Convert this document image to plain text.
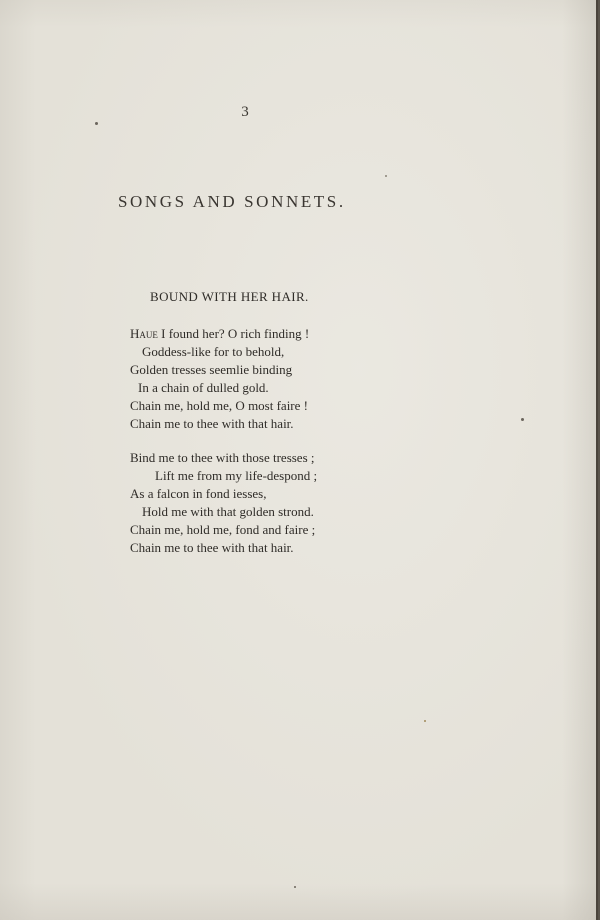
3
SONGS AND SONNETS.
BOUND WITH HER HAIR.
Haue I found her? O rich finding !
Goddess-like for to behold,
Golden tresses seemlie binding
In a chain of dulled gold.
Chain me, hold me, O most faire !
Chain me to thee with that hair.
Bind me to thee with those tresses ;
Lift me from my life-despond ;
As a falcon in fond iesses,
Hold me with that golden strond.
Chain me, hold me, fond and faire ;
Chain me to thee with that hair.
